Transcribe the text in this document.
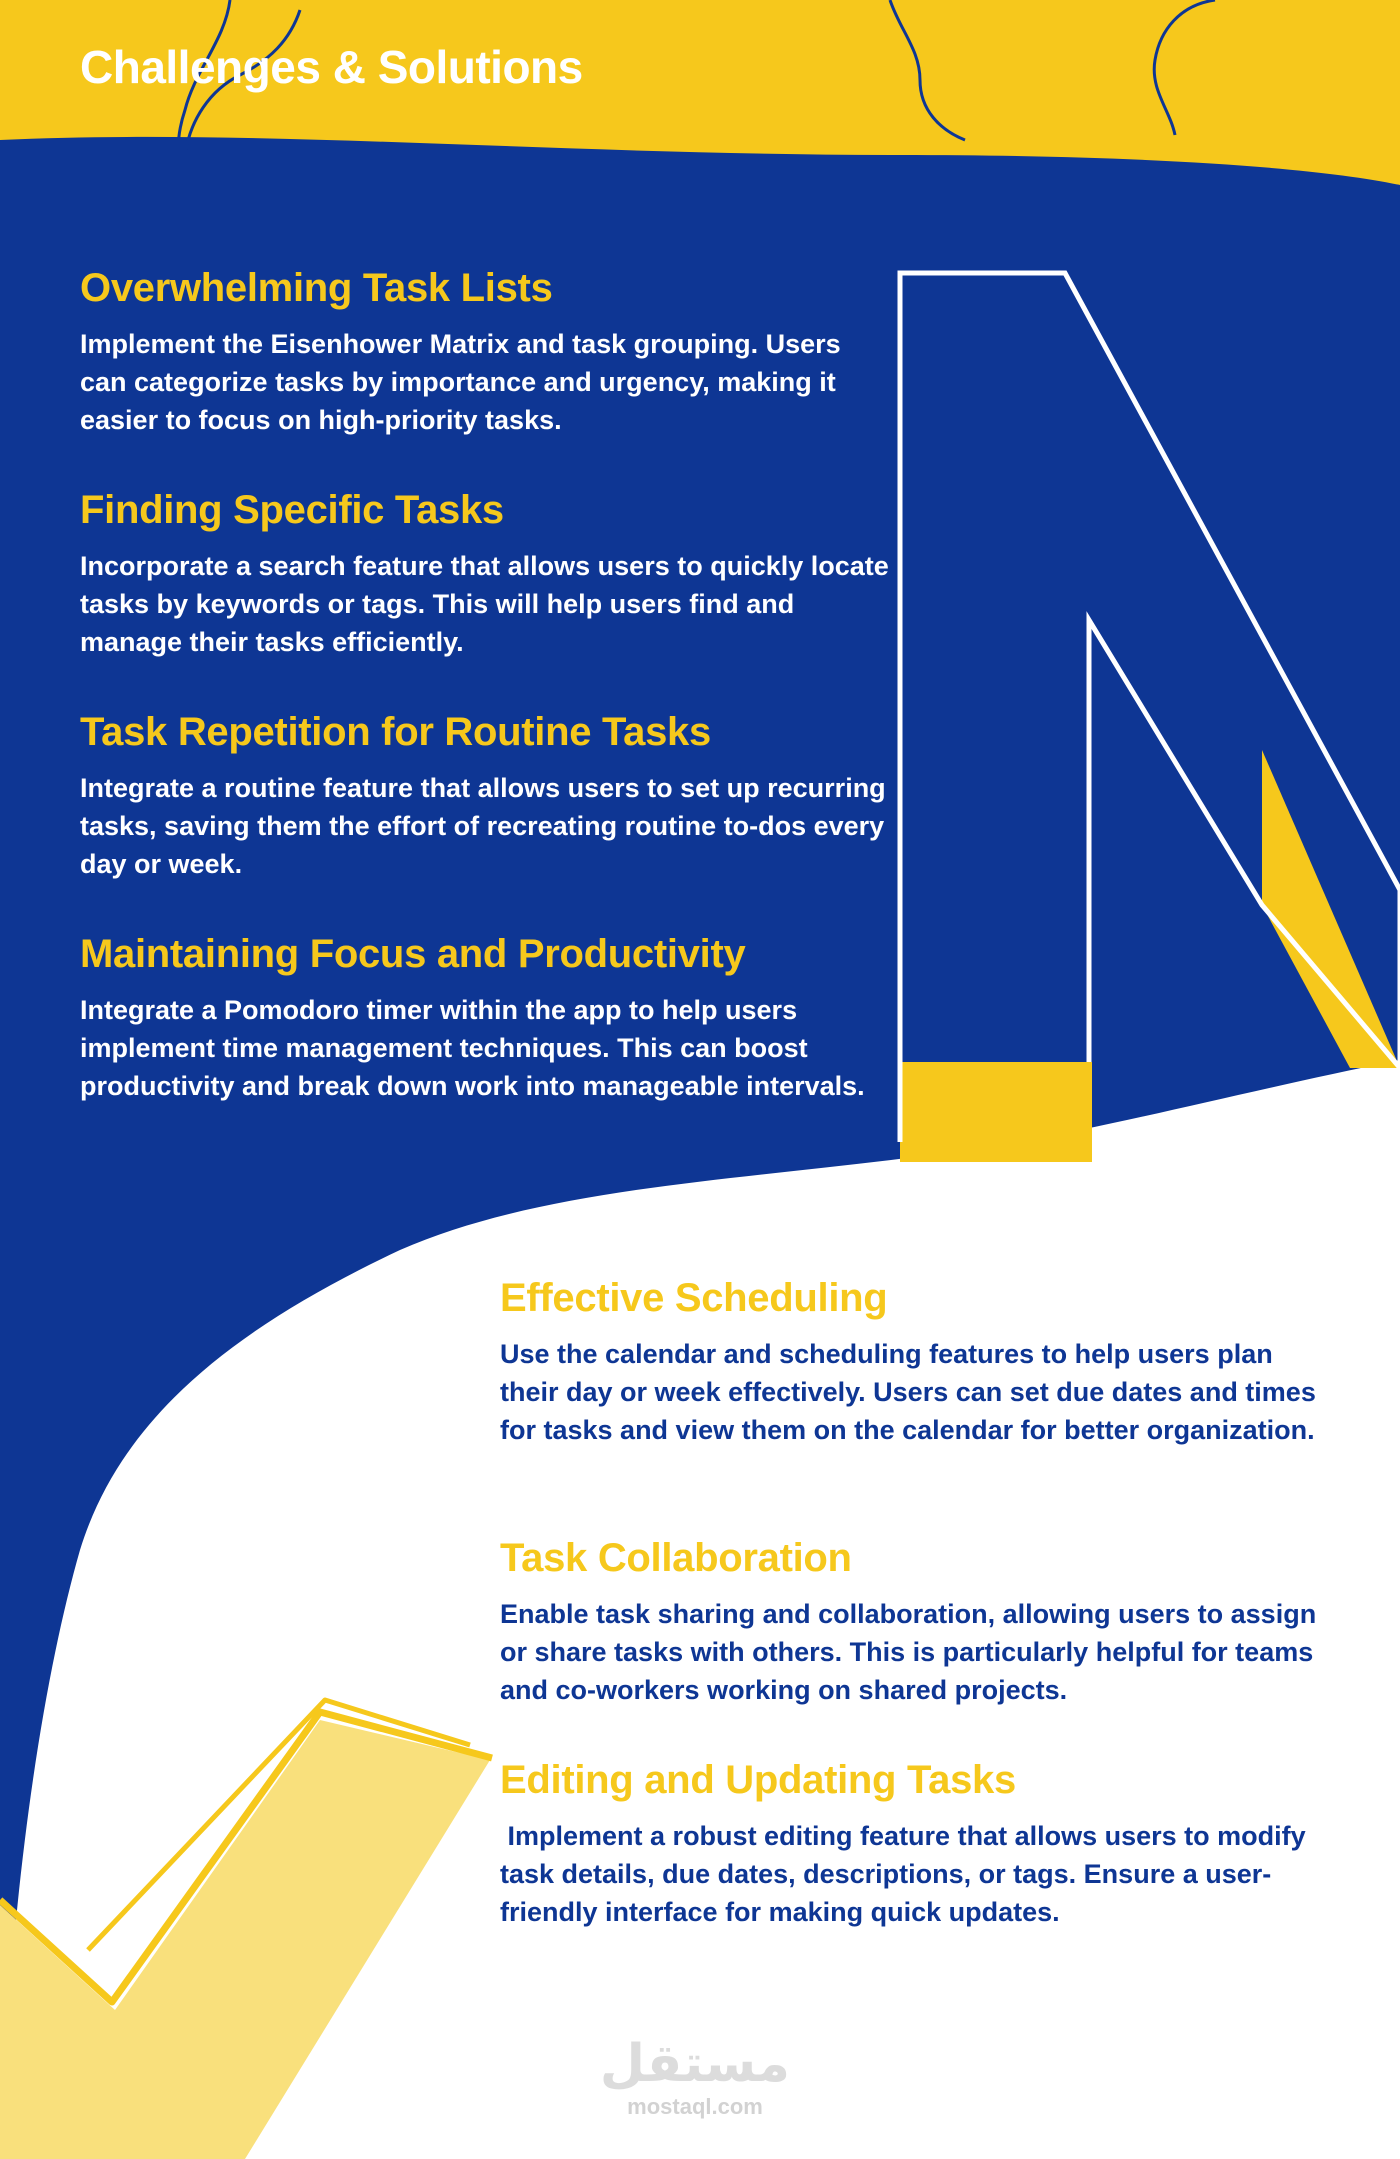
Challenges & Solutions
Overwhelming Task Lists

Implement the Eisenhower Matrix and task grouping. Users can categorize tasks by importance and urgency, making it easier to focus on high-priority tasks.

Finding Specific Tasks

Incorporate a search feature that allows users to quickly locate tasks by keywords or tags. This will help users find and manage their tasks efficiently.

Task Repetition for Routine Tasks

Integrate a routine feature that allows users to set up recurring tasks, saving them the effort of recreating routine to-dos every day or week.

Maintaining Focus and Productivity

Integrate a Pomodoro timer within the app to help users implement time management techniques. This can boost productivity and break down work into manageable intervals.

Effective Scheduling

Use the calendar and scheduling features to help users plan their day or week effectively. Users can set due dates and times for tasks and view them on the calendar for better organization.

Task Collaboration

Enable task sharing and collaboration, allowing users to assign or share tasks with others. This is particularly helpful for teams and co-workers working on shared projects.

Editing and Updating Tasks

Implement a robust editing feature that allows users to modify task details, due dates, descriptions, or tags. Ensure a user-friendly interface for making quick updates.

مستقل
mostaql.com
